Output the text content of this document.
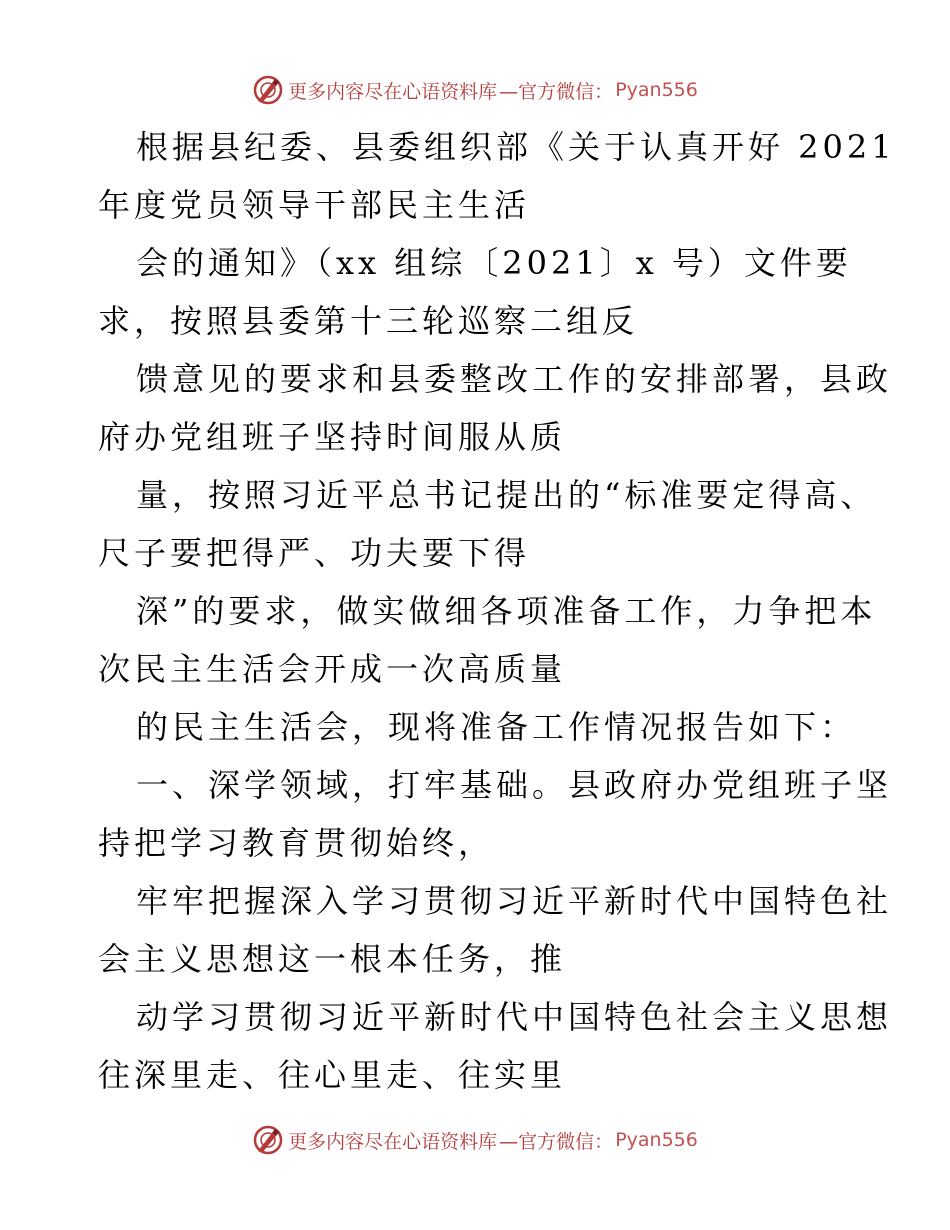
更多内容尽在心语资料库 —官方微信： Pyan556
根据县纪委、县委组织部《关于认真开好 2021
年度党员领导干部民主生活
会的通知》（xx 组综〔2021〕x 号）文件要
求，按照县委第十三轮巡察二组反
馈意见的要求和县委整改工作的安排部署，县政
府办党组班子坚持时间服从质
量，按照习近平总书记提出的“标准要定得高、
尺子要把得严、功夫要下得
深”的要求，做实做细各项准备工作，力争把本
次民主生活会开成一次高质量
的民主生活会，现将准备工作情况报告如下：
一、深学领域，打牢基础。县政府办党组班子坚
持把学习教育贯彻始终，
牢牢把握深入学习贯彻习近平新时代中国特色社
会主义思想这一根本任务，推
动学习贯彻习近平新时代中国特色社会主义思想
往深里走、往心里走、往实里
更多内容尽在心语资料库 —官方微信： Pyan556
